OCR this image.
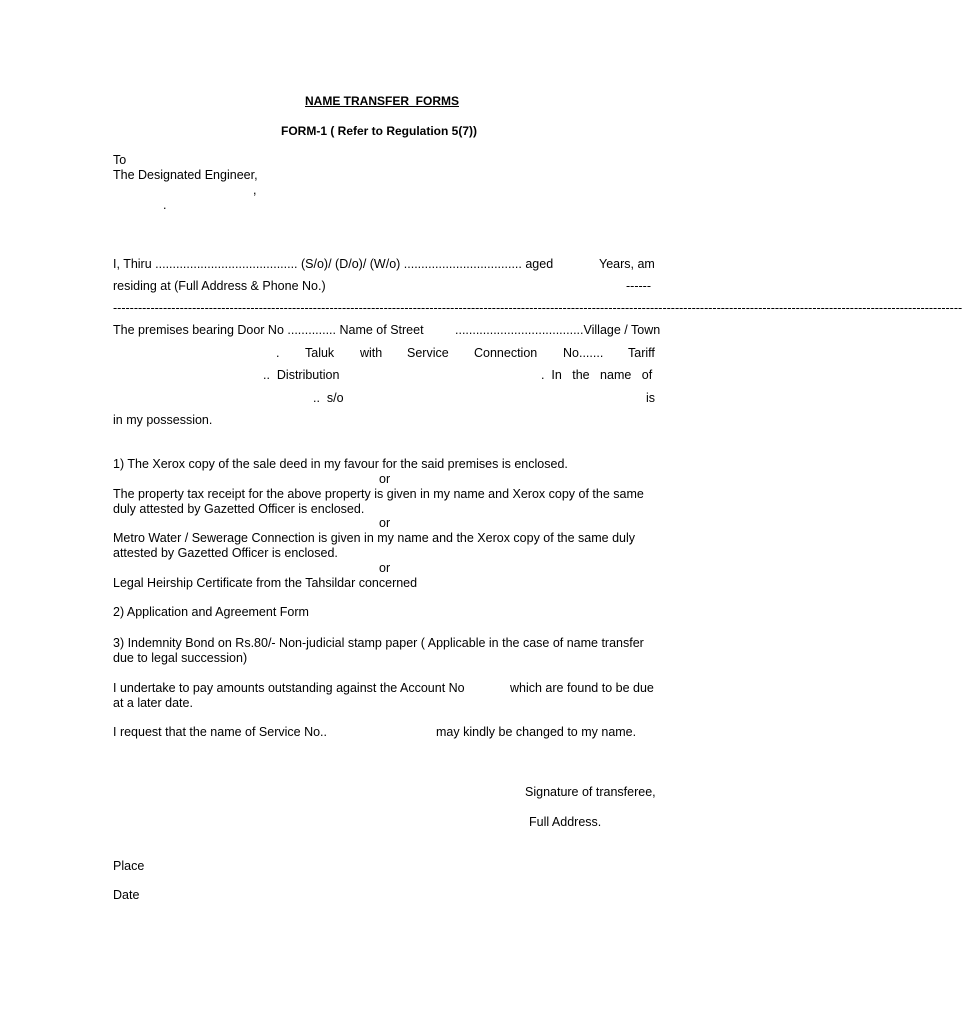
NAME TRANSFER  FORMS
FORM-1 ( Refer to Regulation 5(7))
To
The Designated Engineer,
,
.
I, Thiru ......................................... (S/o)/ (D/o)/ (W/o) .................................. aged	Years, am
residing at (Full Address & Phone No.)	------
------------------------------------------------------------------------------------------------------------------------------------------------------------------------------------------------------------
The premises bearing Door No .............. Name of Street	.....................................Village / Town
. Taluk with Service Connection No....... Tariff
..  Distribution	.  In   the   name   of
..  s/o	is
in my possession.
1) The Xerox copy of the sale deed in my favour for the said premises is enclosed.
or
The property tax receipt for the above property is given in my name and Xerox copy of the same
duly attested by Gazetted Officer is enclosed.
or
Metro Water / Sewerage Connection is given in my name and the Xerox copy of the same duly
attested by Gazetted Officer is enclosed.
or
Legal Heirship Certificate from the Tahsildar concerned
2) Application and Agreement Form
3) Indemnity Bond on Rs.80/- Non-judicial stamp paper ( Applicable in the case of name transfer
due to legal succession)
I undertake to pay amounts outstanding against the Account No	which are found to be due
at a later date.
I request that the name of Service No..	may kindly be changed to my name.
Signature of transferee,
Full Address.
Place
Date
